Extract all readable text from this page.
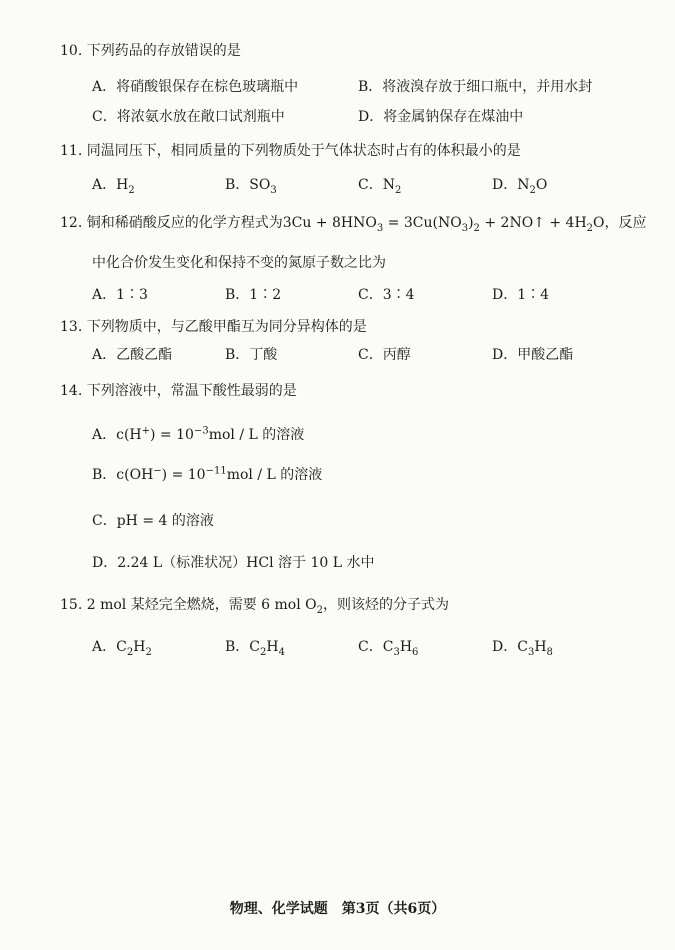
10. 下列药品的存放错误的是
A．将硝酸银保存在棕色玻璃瓶中	B．将液溴存放于细口瓶中，并用水封
C．将浓氨水放在敞口试剂瓶中	D．将金属钠保存在煤油中
11. 同温同压下，相同质量的下列物质处于气体状态时占有的体积最小的是
A．$H_2$	B．$SO_3$	C．$N_2$	D．$N_2O$
12. 铜和稀硝酸反应的化学方程式为$3Cu + 8HNO_3 = 3Cu(NO_3)_2$ + 2NO↑ + $4H_2O$，反应
中化合价发生变化和保持不变的氮原子数之比为
A．1∶3	B．1∶2	C．3∶4	D．1∶4
13. 下列物质中，与乙酸甲酯互为同分异构体的是
A．乙酸乙酯	B．丁酸	C．丙醇	D．甲酸乙酯
14. 下列溶液中，常温下酸性最弱的是
A．$c(H^+) = 10^{-3}mol / L$ 的溶液
B．$c(OH^-) = 10^{-11}mol / L$ 的溶液
C．pH = 4 的溶液
D．2.24 L（标准状况）HCl 溶于 10 L 水中
15. 2 mol 某烃完全燃烧，需要 6 mol $O_2$，则该烃的分子式为
A．$C_2H_2$	B．$C_2H_4$	C．$C_3H_6$	D．$C_3H_8$
物理、化学试题　第3页（共6页）
